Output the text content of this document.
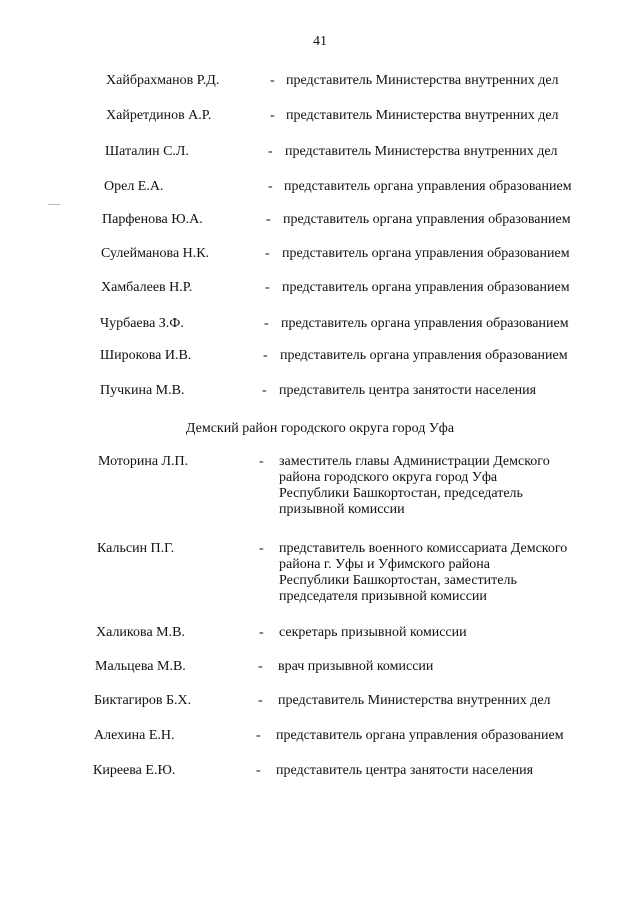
41
Хайбрахманов Р.Д.	- представитель Министерства внутренних дел
Хайретдинов А.Р.	- представитель Министерства внутренних дел
Шаталин С.Л.	- представитель Министерства внутренних дел
Орел Е.А.	- представитель органа управления образованием
Парфенова Ю.А.	- представитель органа управления образованием
Сулейманова Н.К.	- представитель органа управления образованием
Хамбалеев Н.Р.	- представитель органа управления образованием
Чурбаева З.Ф.	- представитель органа управления образованием
Широкова И.В.	- представитель органа управления образованием
Пучкина М.В.	- представитель центра занятости населения
Демский район городского округа город Уфа
Моторина Л.П.	- заместитель главы Администрации Демского
района городского округа город Уфа
Республики Башкортостан, председатель
призывной комиссии
Кальсин П.Г.	- представитель военного комиссариата Демского
района г. Уфы и Уфимского района
Республики Башкортостан, заместитель
председателя призывной комиссии
Халикова М.В.	- секретарь призывной комиссии
Мальцева М.В.	- врач призывной комиссии
Биктагиров Б.Х.	- представитель Министерства внутренних дел
Алехина Е.Н.	- представитель органа управления образованием
Киреева Е.Ю.	- представитель центра занятости населения
